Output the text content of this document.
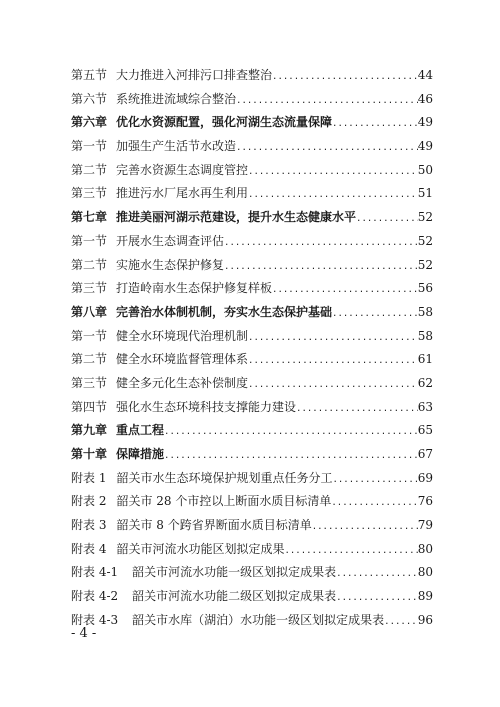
第五节 大力推进入河排污口排查整治 .....	44
第六节 系统推进流域综合整治 .....	46
第六章 优化水资源配置，强化河湖生态流量保障 .....	49
第一节 加强生产生活节水改造 .....	49
第二节 完善水资源生态调度管控 .....	50
第三节 推进污水厂尾水再生利用 .....	51
第七章 推进美丽河湖示范建设，提升水生态健康水平 .....	52
第一节 开展水生态调查评估 .....	52
第二节 实施水生态保护修复 .....	52
第三节 打造岭南水生态保护修复样板 .....	56
第八章 完善治水体制机制，夯实水生态保护基础 .....	58
第一节 健全水环境现代治理机制 .....	58
第二节 健全水环境监督管理体系 .....	61
第三节 健全多元化生态补偿制度 .....	62
第四节 强化水生态环境科技支撑能力建设 .....	63
第九章 重点工程 .....	65
第十章 保障措施 .....	67
附表 1 韶关市水生态环境保护规划重点任务分工 .....	69
附表 2 韶关市 28 个市控以上断面水质目标清单 .....	76
附表 3 韶关市 8 个跨省界断面水质目标清单 .....	79
附表 4 韶关市河流水功能区划拟定成果 .....	80
附表 4-1 韶关市河流水功能一级区划拟定成果表 .....	80
附表 4-2 韶关市河流水功能二级区划拟定成果表 .....	89
附表 4-3 韶关市水库（湖泊）水功能一级区划拟定成果表 .....	96
- 4 -
